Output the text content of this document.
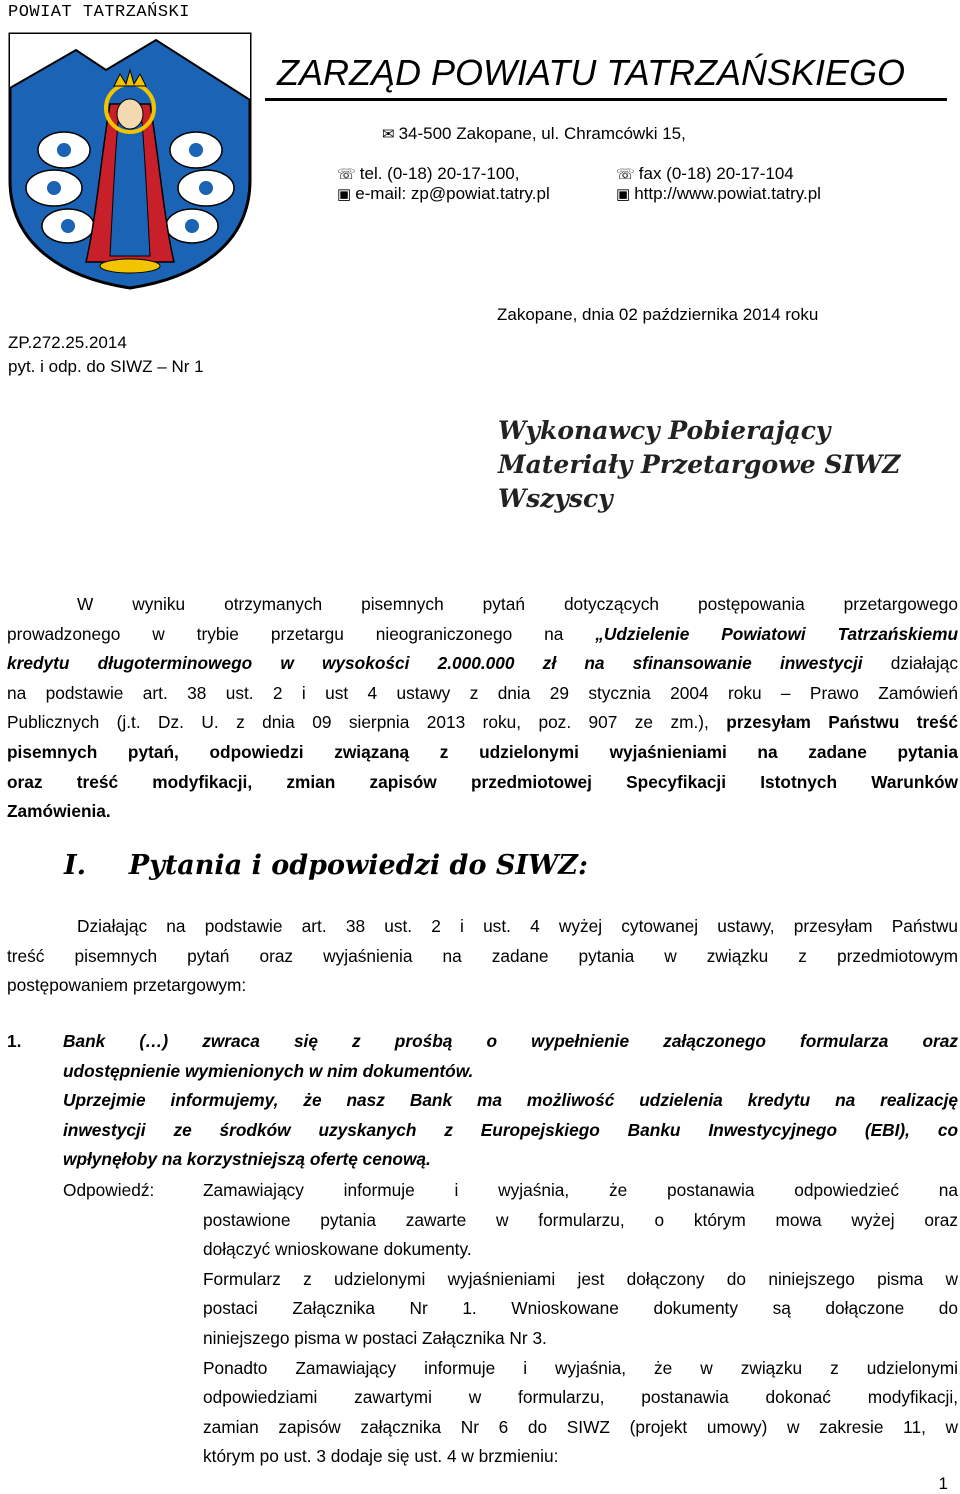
POWIAT TATRZAŃSKI
ZARZĄD POWIATU TATRZAŃSKIEGO
✉ 34-500 Zakopane, ul. Chramcówki 15,
☏ tel. (0-18) 20-17-100,	☏ fax (0-18) 20-17-104
▣ e-mail: zp@powiat.tatry.pl	▣ http://www.powiat.tatry.pl
ZP.272.25.2014
pyt. i odp. do SIWZ – Nr 1
Zakopane, dnia 02 października 2014 roku
Wykonawcy Pobierający
Materiały Przetargowe SIWZ
Wszyscy
W wyniku otrzymanych pisemnych pytań dotyczących postępowania przetargowego
prowadzonego w trybie przetargu nieograniczonego na „Udzielenie Powiatowi Tatrzańskiemu
kredytu długoterminowego w wysokości 2.000.000 zł na sfinansowanie inwestycji działając
na podstawie art. 38 ust. 2 i ust 4 ustawy z dnia 29 stycznia 2004 roku – Prawo Zamówień
Publicznych (j.t. Dz. U. z dnia 09 sierpnia 2013 roku, poz. 907 ze zm.), przesyłam Państwu treść
pisemnych pytań, odpowiedzi związaną z udzielonymi wyjaśnieniami na zadane pytania
oraz treść modyfikacji, zmian zapisów przedmiotowej Specyfikacji Istotnych Warunków
Zamówienia.
I. Pytania i odpowiedzi do SIWZ:
Działając na podstawie art. 38 ust. 2 i ust. 4 wyżej cytowanej ustawy, przesyłam Państwu
treść pisemnych pytań oraz wyjaśnienia na zadane pytania w związku z przedmiotowym
postępowaniem przetargowym:
1. Bank (…) zwraca się z prośbą o wypełnienie załączonego formularza oraz
udostępnienie wymienionych w nim dokumentów.
Uprzejmie informujemy, że nasz Bank ma możliwość udzielenia kredytu na realizację
inwestycji ze środków uzyskanych z Europejskiego Banku Inwestycyjnego (EBI), co
wpłynęłoby na korzystniejszą ofertę cenową.
Odpowiedź:	Zamawiający informuje i wyjaśnia, że postanawia odpowiedzieć na
postawione pytania zawarte w formularzu, o którym mowa wyżej oraz
dołączyć wnioskowane dokumenty.
Formularz z udzielonymi wyjaśnieniami jest dołączony do niniejszego pisma w
postaci Załącznika Nr 1. Wnioskowane dokumenty są dołączone do
niniejszego pisma w postaci Załącznika Nr 3.
Ponadto Zamawiający informuje i wyjaśnia, że w związku z udzielonymi
odpowiedziami zawartymi w formularzu, postanawia dokonać modyfikacji,
zamian zapisów załącznika Nr 6 do SIWZ (projekt umowy) w zakresie 11, w
którym po ust. 3 dodaje się ust. 4 w brzmieniu:
1
